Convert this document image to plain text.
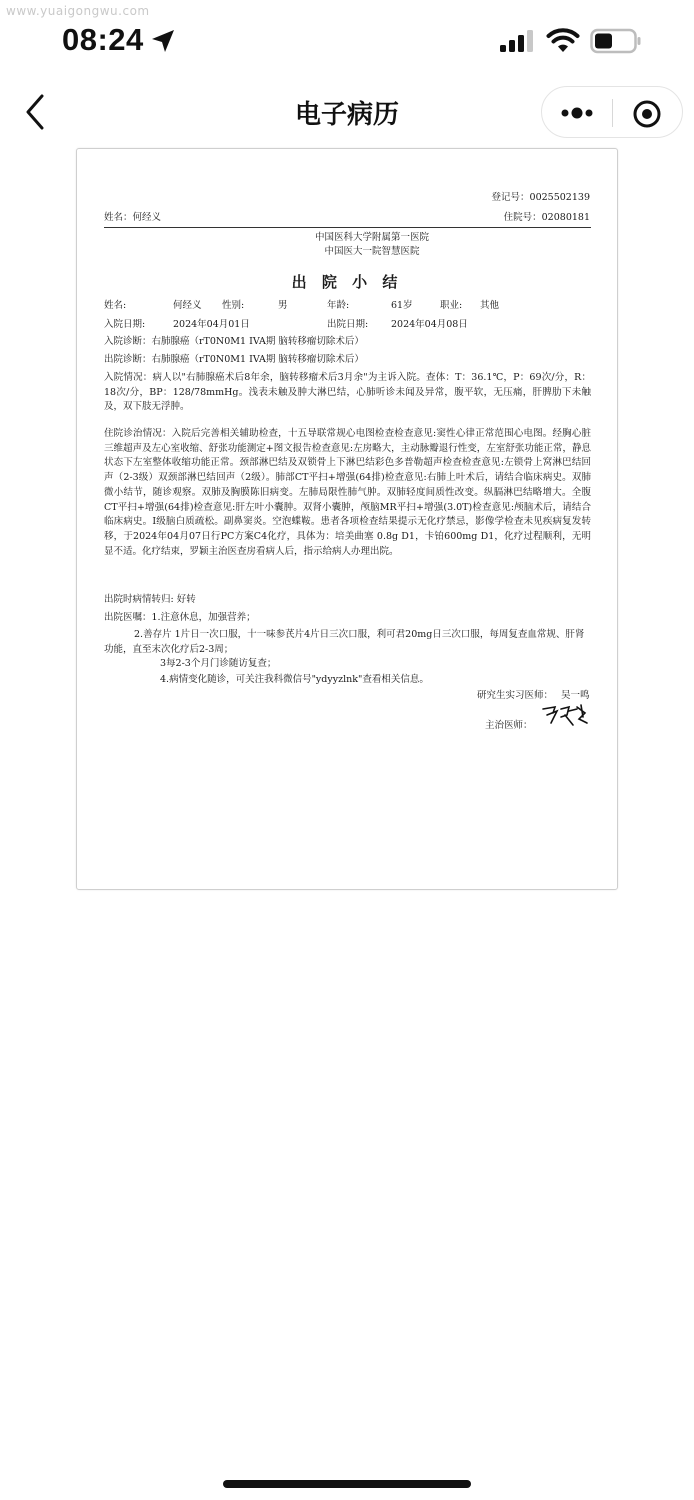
www.yuaigongwu.com
08:24
电子病历
登记号：0025502139
姓名：何经义	住院号：02080181
中国医科大学附属第一医院
中国医大一院智慧医院
出 院 小 结
姓名:	何经义 性别:	男	年龄:	61岁	职业: 其他
入院日期:	2024年04月01日	出院日期: 2024年04月08日
入院诊断：右肺腺癌（rT0N0M1 IVA期 脑转移瘤切除术后）
出院诊断：右肺腺癌（rT0N0M1 IVA期 脑转移瘤切除术后）
入院情况：病人以"右肺腺癌术后8年余，脑转移瘤术后3月余"为主诉入院。查体：T：36.1℃，P：69次/分，R：18次/分，BP：128/78mmHg。浅表未触及肿大淋巴结，心肺听诊未闻及异常，腹平软，无压痛，肝脾肋下未触及，双下肢无浮肿。
住院诊治情况：入院后完善相关辅助检查，十五导联常规心电图检查检查意见:窦性心律正常范围心电图。经胸心脏三维超声及左心室收缩、舒张功能测定+图文报告检查意见:左房略大，主动脉瓣退行性变，左室舒张功能正常，静息状态下左室整体收缩功能正常。颈部淋巴结及双锁骨上下淋巴结彩色多普勒超声检查检查意见:左锁骨上窝淋巴结回声（2-3级）双颈部淋巴结回声（2级）。肺部CT平扫+增强(64排)检查意见:右肺上叶术后，请结合临床病史。双肺微小结节，随诊观察。双肺及胸膜陈旧病变。左肺局限性肺气肿。双肺轻度间质性改变。纵膈淋巴结略增大。全腹CT平扫+增强(64排)检查意见:肝左叶小囊肿。双肾小囊肿，颅脑MR平扫+增强(3.0T)检查意见:颅脑术后，请结合临床病史。I级脑白质疏松。副鼻窦炎。空泡蝶鞍。患者各项检查结果提示无化疗禁忌，影像学检查未见疾病复发转移，于2024年04月07日行PC方案C4化疗，具体为：培美曲塞 0.8g D1，卡铂600mg D1，化疗过程顺利，无明显不适。化疗结束，罗颖主治医查房看病人后，指示给病人办理出院。
出院时病情转归: 好转
出院医嘱：1.注意休息，加强营养；
2.善存片 1片日一次口服，十一味参芪片4片日三次口服，利可君20mg日三次口服，每周复查血常规、肝肾功能，直至末次化疗后2-3周；
3每2-3个月门诊随访复查；
4.病情变化随诊，可关注我科微信号"ydyyzlnk"查看相关信息。
研究生实习医师： 吴一鸣
主治医师：
